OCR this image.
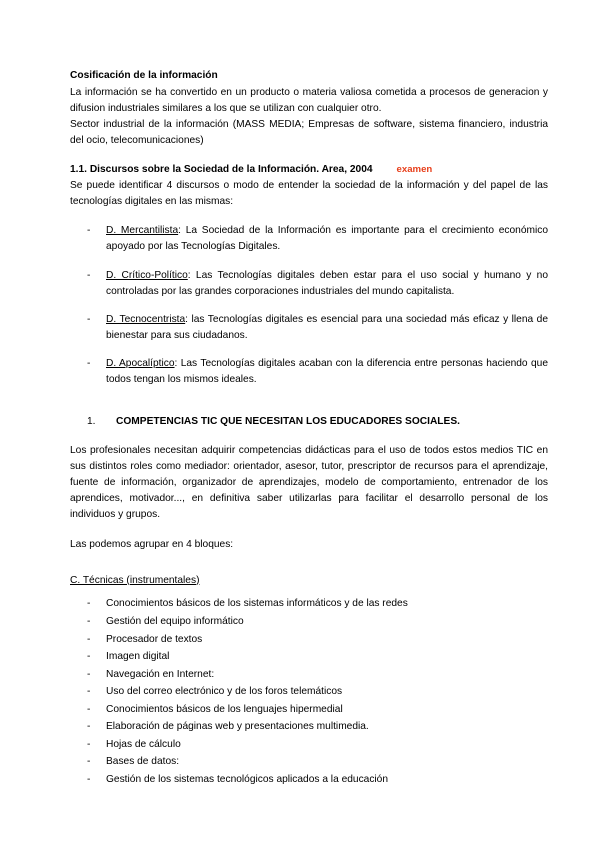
Cosificación de la información

La información se ha convertido en un producto o materia valiosa cometida a procesos de generacion y difusion industriales similares a los que se utilizan con cualquier otro.

Sector industrial de la información (MASS MEDIA; Empresas de software, sistema financiero, industria del ocio, telecomunicaciones)

1.1. Discursos sobre la Sociedad de la Información. Area, 2004	examen

Se puede identificar 4 discursos o modo de entender la sociedad de la información y del papel de las tecnologías digitales en las mismas:

- D. Mercantilista: La Sociedad de la Información es importante para el crecimiento económico apoyado por las Tecnologías Digitales.
- D. Crítico-Político: Las Tecnologías digitales deben estar para el uso social y humano y no controladas por las grandes corporaciones industriales del mundo capitalista.
- D. Tecnocentrista: las Tecnologías digitales es esencial para una sociedad más eficaz y llena de bienestar para sus ciudadanos.
- D. Apocalíptico: Las Tecnologías digitales acaban con la diferencia entre personas haciendo que todos tengan los mismos ideales.
1. COMPETENCIAS TIC QUE NECESITAN LOS EDUCADORES SOCIALES.

Los profesionales necesitan adquirir competencias didácticas para el uso de todos estos medios TIC en sus distintos roles como mediador: orientador, asesor, tutor, prescriptor de recursos para el aprendizaje, fuente de información, organizador de aprendizajes, modelo de comportamiento, entrenador de los aprendices, motivador..., en definitiva saber utilizarlas para facilitar el desarrollo personal de los individuos y grupos.

Las podemos agrupar en 4 bloques:

C. Técnicas (instrumentales)
- Conocimientos básicos de los sistemas informáticos y de las redes
- Gestión del equipo informático
- Procesador de textos
- Imagen digital
- Navegación en Internet:
- Uso del correo electrónico y de los foros telemáticos
- Conocimientos básicos de los lenguajes hipermedial
- Elaboración de páginas web y presentaciones multimedia.
- Hojas de cálculo
- Bases de datos:
- Gestión de los sistemas tecnológicos aplicados a la educación
